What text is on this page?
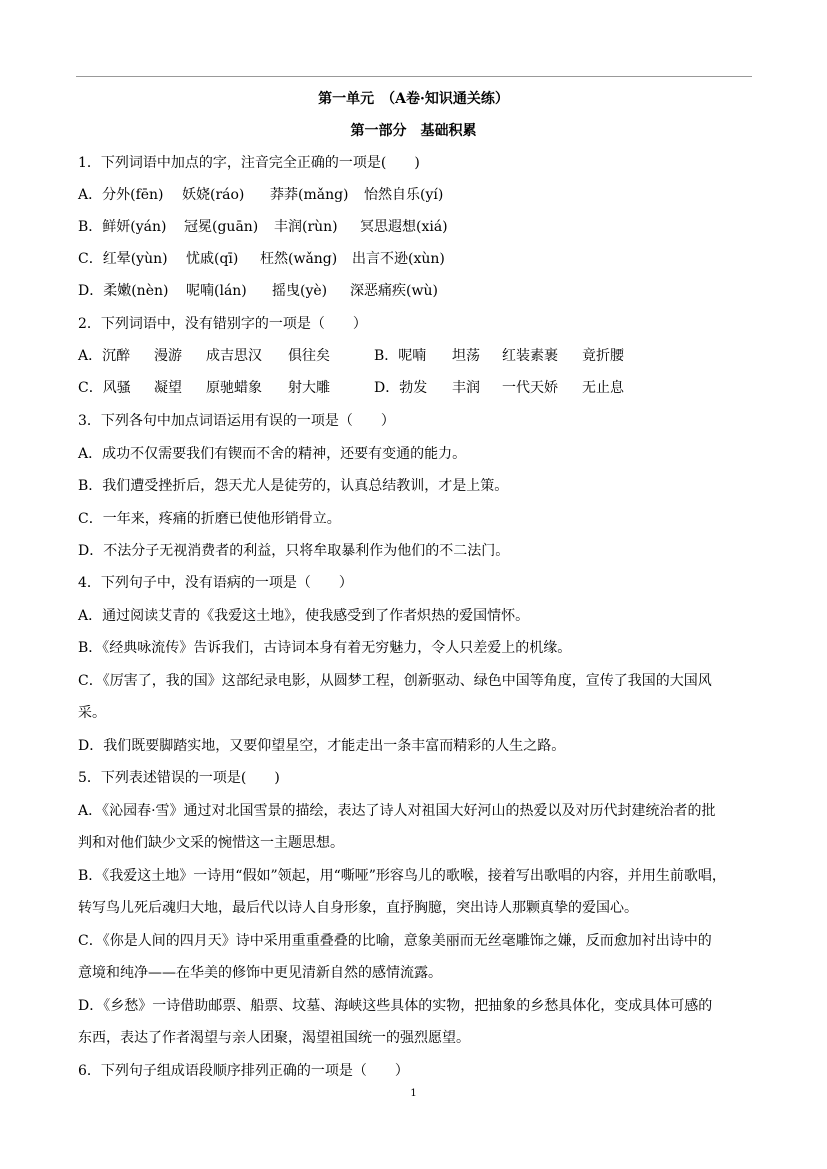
第一单元　（A卷·知识通关练）
第一部分　基础积累
1．下列词语中加点的字，注音完全正确的一项是(　　)
A．分外(fēn) 妖娆(ráo) 莽莽(mǎng) 怡然自乐(yí)
B．鲜妍(yán) 冠冕(guān) 丰润(rùn) 冥思遐想(xiá)
C．红晕(yùn) 忧戚(qī) 枉然(wǎng) 出言不逊(xùn)
D．柔嫩(nèn) 呢喃(lán) 摇曳(yè) 深恶痛疾(wù)
2．下列词语中，没有错别字的一项是（　　）
A．沉醉 漫游 成吉思汉 俱往矣	B．呢喃 坦荡 红装素裹 竟折腰
C．风骚 凝望 原驰蜡象 射大雕	D．勃发 丰润 一代天娇 无止息
3．下列各句中加点词语运用有误的一项是（　　）
A．成功不仅需要我们有锲而不舍的精神，还要有变通的能力。
B．我们遭受挫折后，怨天尤人是徒劳的，认真总结教训，才是上策。
C．一年来，疼痛的折磨已使他形销骨立。
D．不法分子无视消费者的利益，只将牟取暴利作为他们的不二法门。
4．下列句子中，没有语病的一项是（　　）
A．通过阅读艾青的《我爱这土地》，使我感受到了作者炽热的爱国情怀。
B．《经典咏流传》告诉我们，古诗词本身有着无穷魅力，令人只差爱上的机缘。
C．《厉害了，我的国》这部纪录电影，从圆梦工程，创新驱动、绿色中国等角度，宣传了我国的大国风
采。
D．我们既要脚踏实地，又要仰望星空，才能走出一条丰富而精彩的人生之路。
5．下列表述错误的一项是(　　)
A．《沁园春·雪》通过对北国雪景的描绘，表达了诗人对祖国大好河山的热爱以及对历代封建统治者的批
判和对他们缺少文采的惋惜这一主题思想。
B．《我爱这土地》一诗用“假如”领起，用“嘶哑”形容鸟儿的歌喉，接着写出歌唱的内容，并用生前歌唱，
转写鸟儿死后魂归大地，最后代以诗人自身形象，直抒胸臆，突出诗人那颗真挚的爱国心。
C．《你是人间的四月天》诗中采用重重叠叠的比喻，意象美丽而无丝毫雕饰之嫌，反而愈加衬出诗中的
意境和纯净——在华美的修饰中更见清新自然的感情流露。
D．《乡愁》一诗借助邮票、船票、坟墓、海峡这些具体的实物，把抽象的乡愁具体化，变成具体可感的
东西，表达了作者渴望与亲人团聚，渴望祖国统一的强烈愿望。
6．下列句子组成语段顺序排列正确的一项是（　　）
1
